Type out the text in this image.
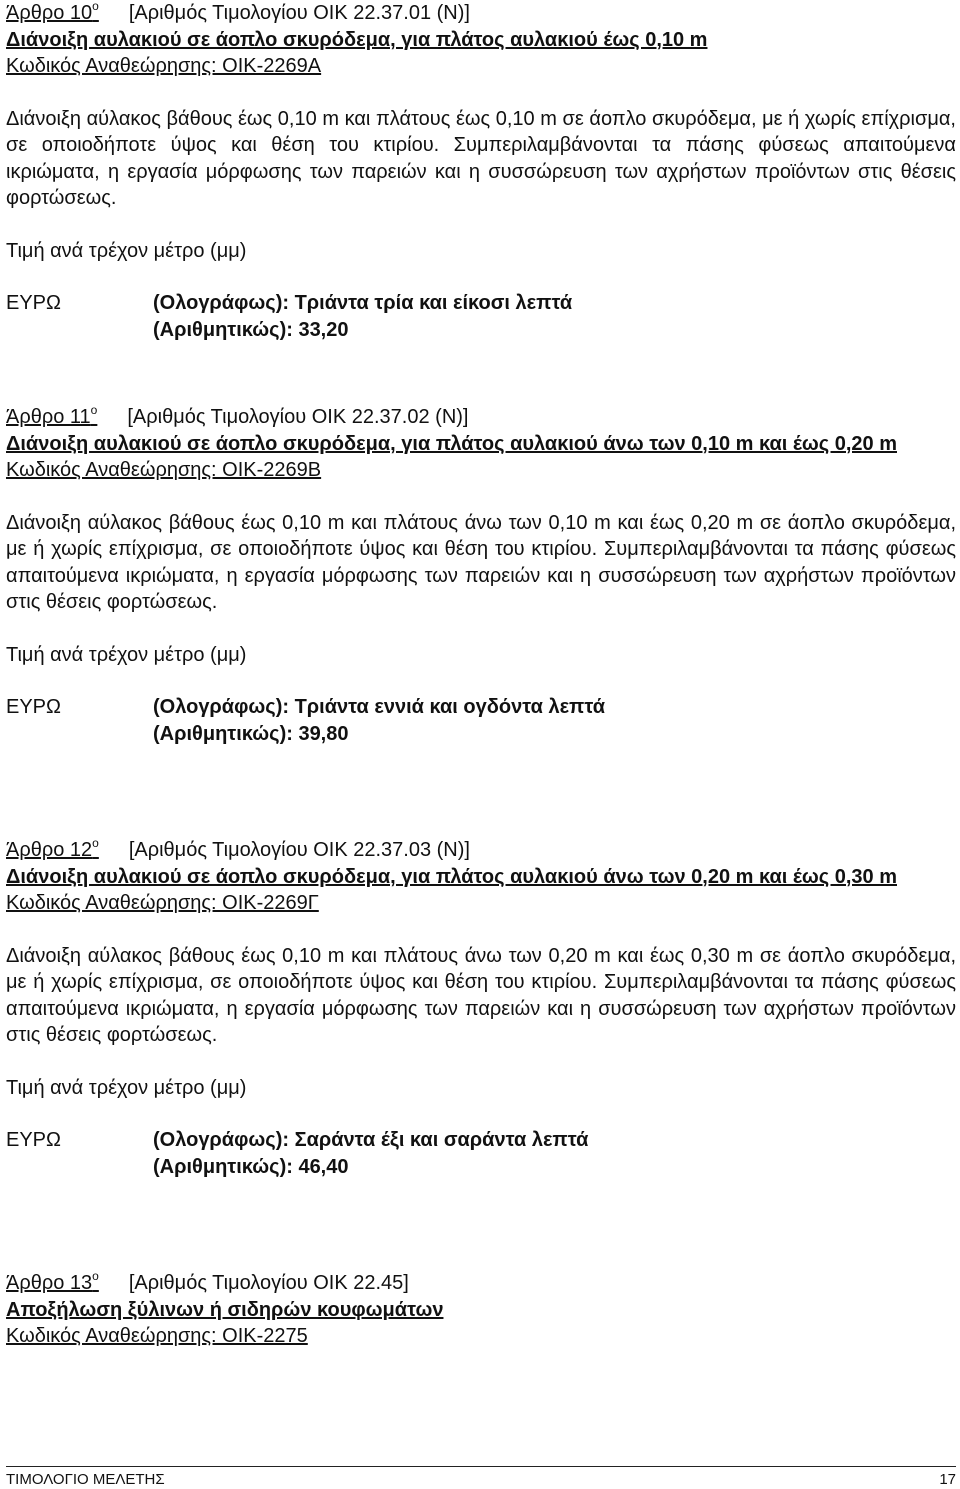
Άρθρο $10^o$ [Αριθμός Τιμολογίου ΟΙΚ 22.37.01 (Ν)]
Διάνοιξη αυλακιού σε άοπλο σκυρόδεμα, για πλάτος αυλακιού έως 0,10 m
Κωδικός Αναθεώρησης: ΟΙΚ-2269Α
Διάνοιξη αύλακος βάθους έως 0,10 m και πλάτους έως 0,10 m σε άοπλο σκυρόδεμα, με ή χωρίς επίχρισμα, σε οποιοδήποτε ύψος και θέση του κτιρίου. Συμπεριλαμβάνονται τα πάσης φύσεως απαιτούμενα ικριώματα, η εργασία μόρφωσης των παρειών και η συσσώρευση των αχρήστων προϊόντων στις θέσεις φορτώσεως.
Τιμή ανά τρέχον μέτρο (μμ)
ΕΥΡΩ	(Ολογράφως): Τριάντα τρία και είκοσι λεπτά
(Αριθμητικώς): 33,20
Άρθρο $11^o$ [Αριθμός Τιμολογίου ΟΙΚ 22.37.02 (Ν)]
Διάνοιξη αυλακιού σε άοπλο σκυρόδεμα, για πλάτος αυλακιού άνω των 0,10 m και έως 0,20 m
Κωδικός Αναθεώρησης: ΟΙΚ-2269Β
Διάνοιξη αύλακος βάθους έως 0,10 m και πλάτους άνω των 0,10 m και έως 0,20 m σε άοπλο σκυρόδεμα, με ή χωρίς επίχρισμα, σε οποιοδήποτε ύψος και θέση του κτιρίου. Συμπεριλαμβάνονται τα πάσης φύσεως απαιτούμενα ικριώματα, η εργασία μόρφωσης των παρειών και η συσσώρευση των αχρήστων προϊόντων στις θέσεις φορτώσεως.
Τιμή ανά τρέχον μέτρο (μμ)
ΕΥΡΩ	(Ολογράφως): Τριάντα εννιά και ογδόντα λεπτά
(Αριθμητικώς): 39,80
Άρθρο $12^o$ [Αριθμός Τιμολογίου ΟΙΚ 22.37.03 (Ν)]
Διάνοιξη αυλακιού σε άοπλο σκυρόδεμα, για πλάτος αυλακιού άνω των 0,20 m και έως 0,30 m
Κωδικός Αναθεώρησης: ΟΙΚ-2269Γ
Διάνοιξη αύλακος βάθους έως 0,10 m και πλάτους άνω των 0,20 m και έως 0,30 m σε άοπλο σκυρόδεμα, με ή χωρίς επίχρισμα, σε οποιοδήποτε ύψος και θέση του κτιρίου. Συμπεριλαμβάνονται τα πάσης φύσεως απαιτούμενα ικριώματα, η εργασία μόρφωσης των παρειών και η συσσώρευση των αχρήστων προϊόντων στις θέσεις φορτώσεως.
Τιμή ανά τρέχον μέτρο (μμ)
ΕΥΡΩ	(Ολογράφως): Σαράντα έξι και σαράντα λεπτά
(Αριθμητικώς): 46,40
Άρθρο $13^o$ [Αριθμός Τιμολογίου ΟΙΚ 22.45]
Αποξήλωση ξύλινων ή σιδηρών κουφωμάτων
Κωδικός Αναθεώρησης: ΟΙΚ-2275
ΤΙΜΟΛΟΓΙΟ ΜΕΛΕΤΗΣ	17
